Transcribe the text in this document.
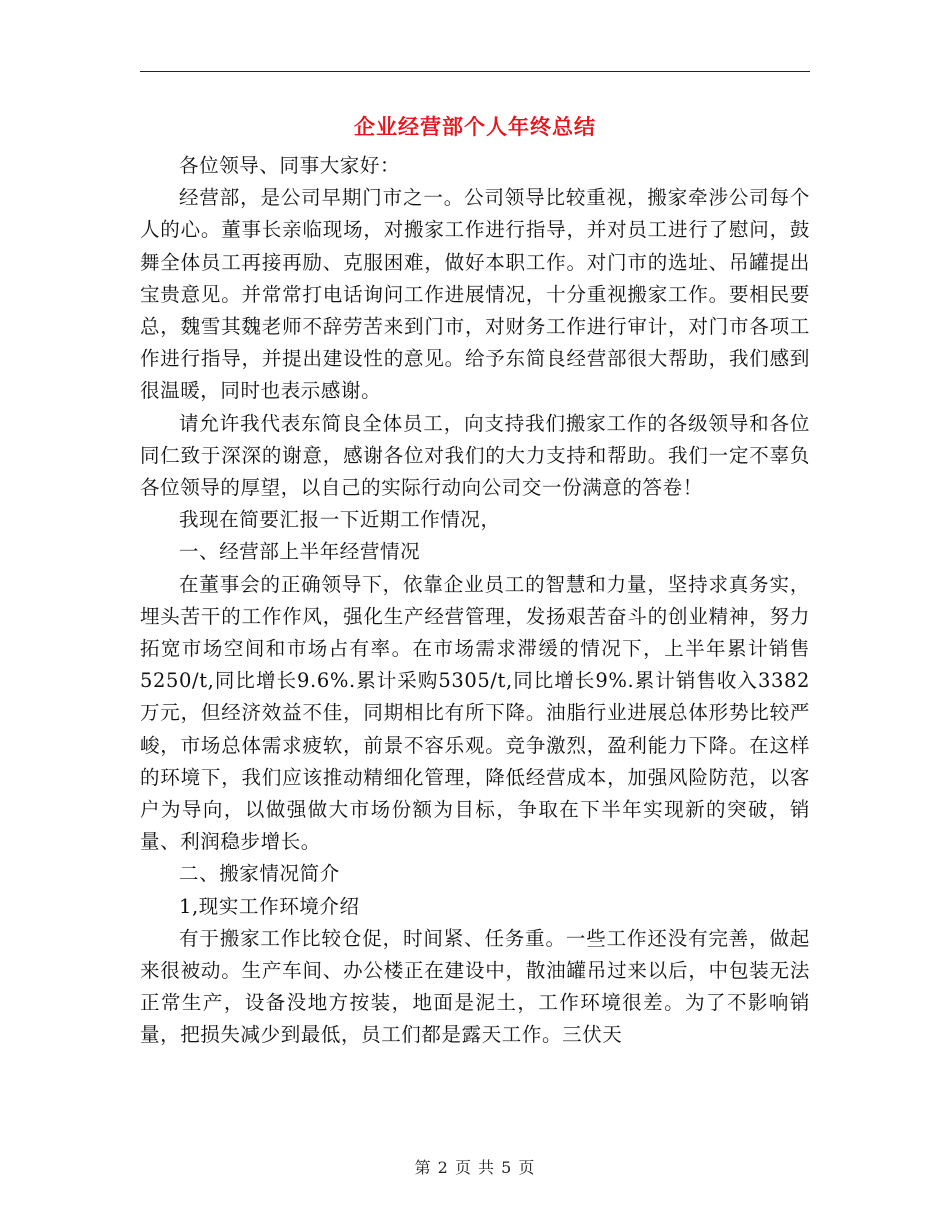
企业经营部个人年终总结

各位领导、同事大家好：

经营部，是公司早期门市之一。公司领导比较重视，搬家牵涉公司每个人的心。董事长亲临现场，对搬家工作进行指导，并对员工进行了慰问，鼓舞全体员工再接再励、克服困难，做好本职工作。对门市的选址、吊罐提出宝贵意见。并常常打电话询问工作进展情况，十分重视搬家工作。要相民要总，魏雪其魏老师不辞劳苦来到门市，对财务工作进行审计，对门市各项工作进行指导，并提出建设性的意见。给予东简良经营部很大帮助，我们感到很温暖，同时也表示感谢。

请允许我代表东简良全体员工，向支持我们搬家工作的各级领导和各位同仁致于深深的谢意，感谢各位对我们的大力支持和帮助。我们一定不辜负各位领导的厚望，以自己的实际行动向公司交一份满意的答卷！

我现在简要汇报一下近期工作情况，

一、经营部上半年经营情况

在董事会的正确领导下，依靠企业员工的智慧和力量，坚持求真务实，埋头苦干的工作作风，强化生产经营管理，发扬艰苦奋斗的创业精神，努力拓宽市场空间和市场占有率。在市场需求滞缓的情况下，上半年累计销售5250/t,同比增长9.6%.累计采购5305/t,同比增长9%.累计销售收入3382万元，但经济效益不佳，同期相比有所下降。油脂行业进展总体形势比较严峻，市场总体需求疲软，前景不容乐观。竞争激烈，盈利能力下降。在这样的环境下，我们应该推动精细化管理，降低经营成本，加强风险防范，以客户为导向，以做强做大市场份额为目标，争取在下半年实现新的突破，销量、利润稳步增长。

二、搬家情况简介

1,现实工作环境介绍

有于搬家工作比较仓促，时间紧、任务重。一些工作还没有完善，做起来很被动。生产车间、办公楼正在建设中，散油罐吊过来以后，中包装无法正常生产，设备没地方按装，地面是泥土，工作环境很差。为了不影响销量，把损失减少到最低，员工们都是露天工作。三伏天

第 2 页 共 5 页
